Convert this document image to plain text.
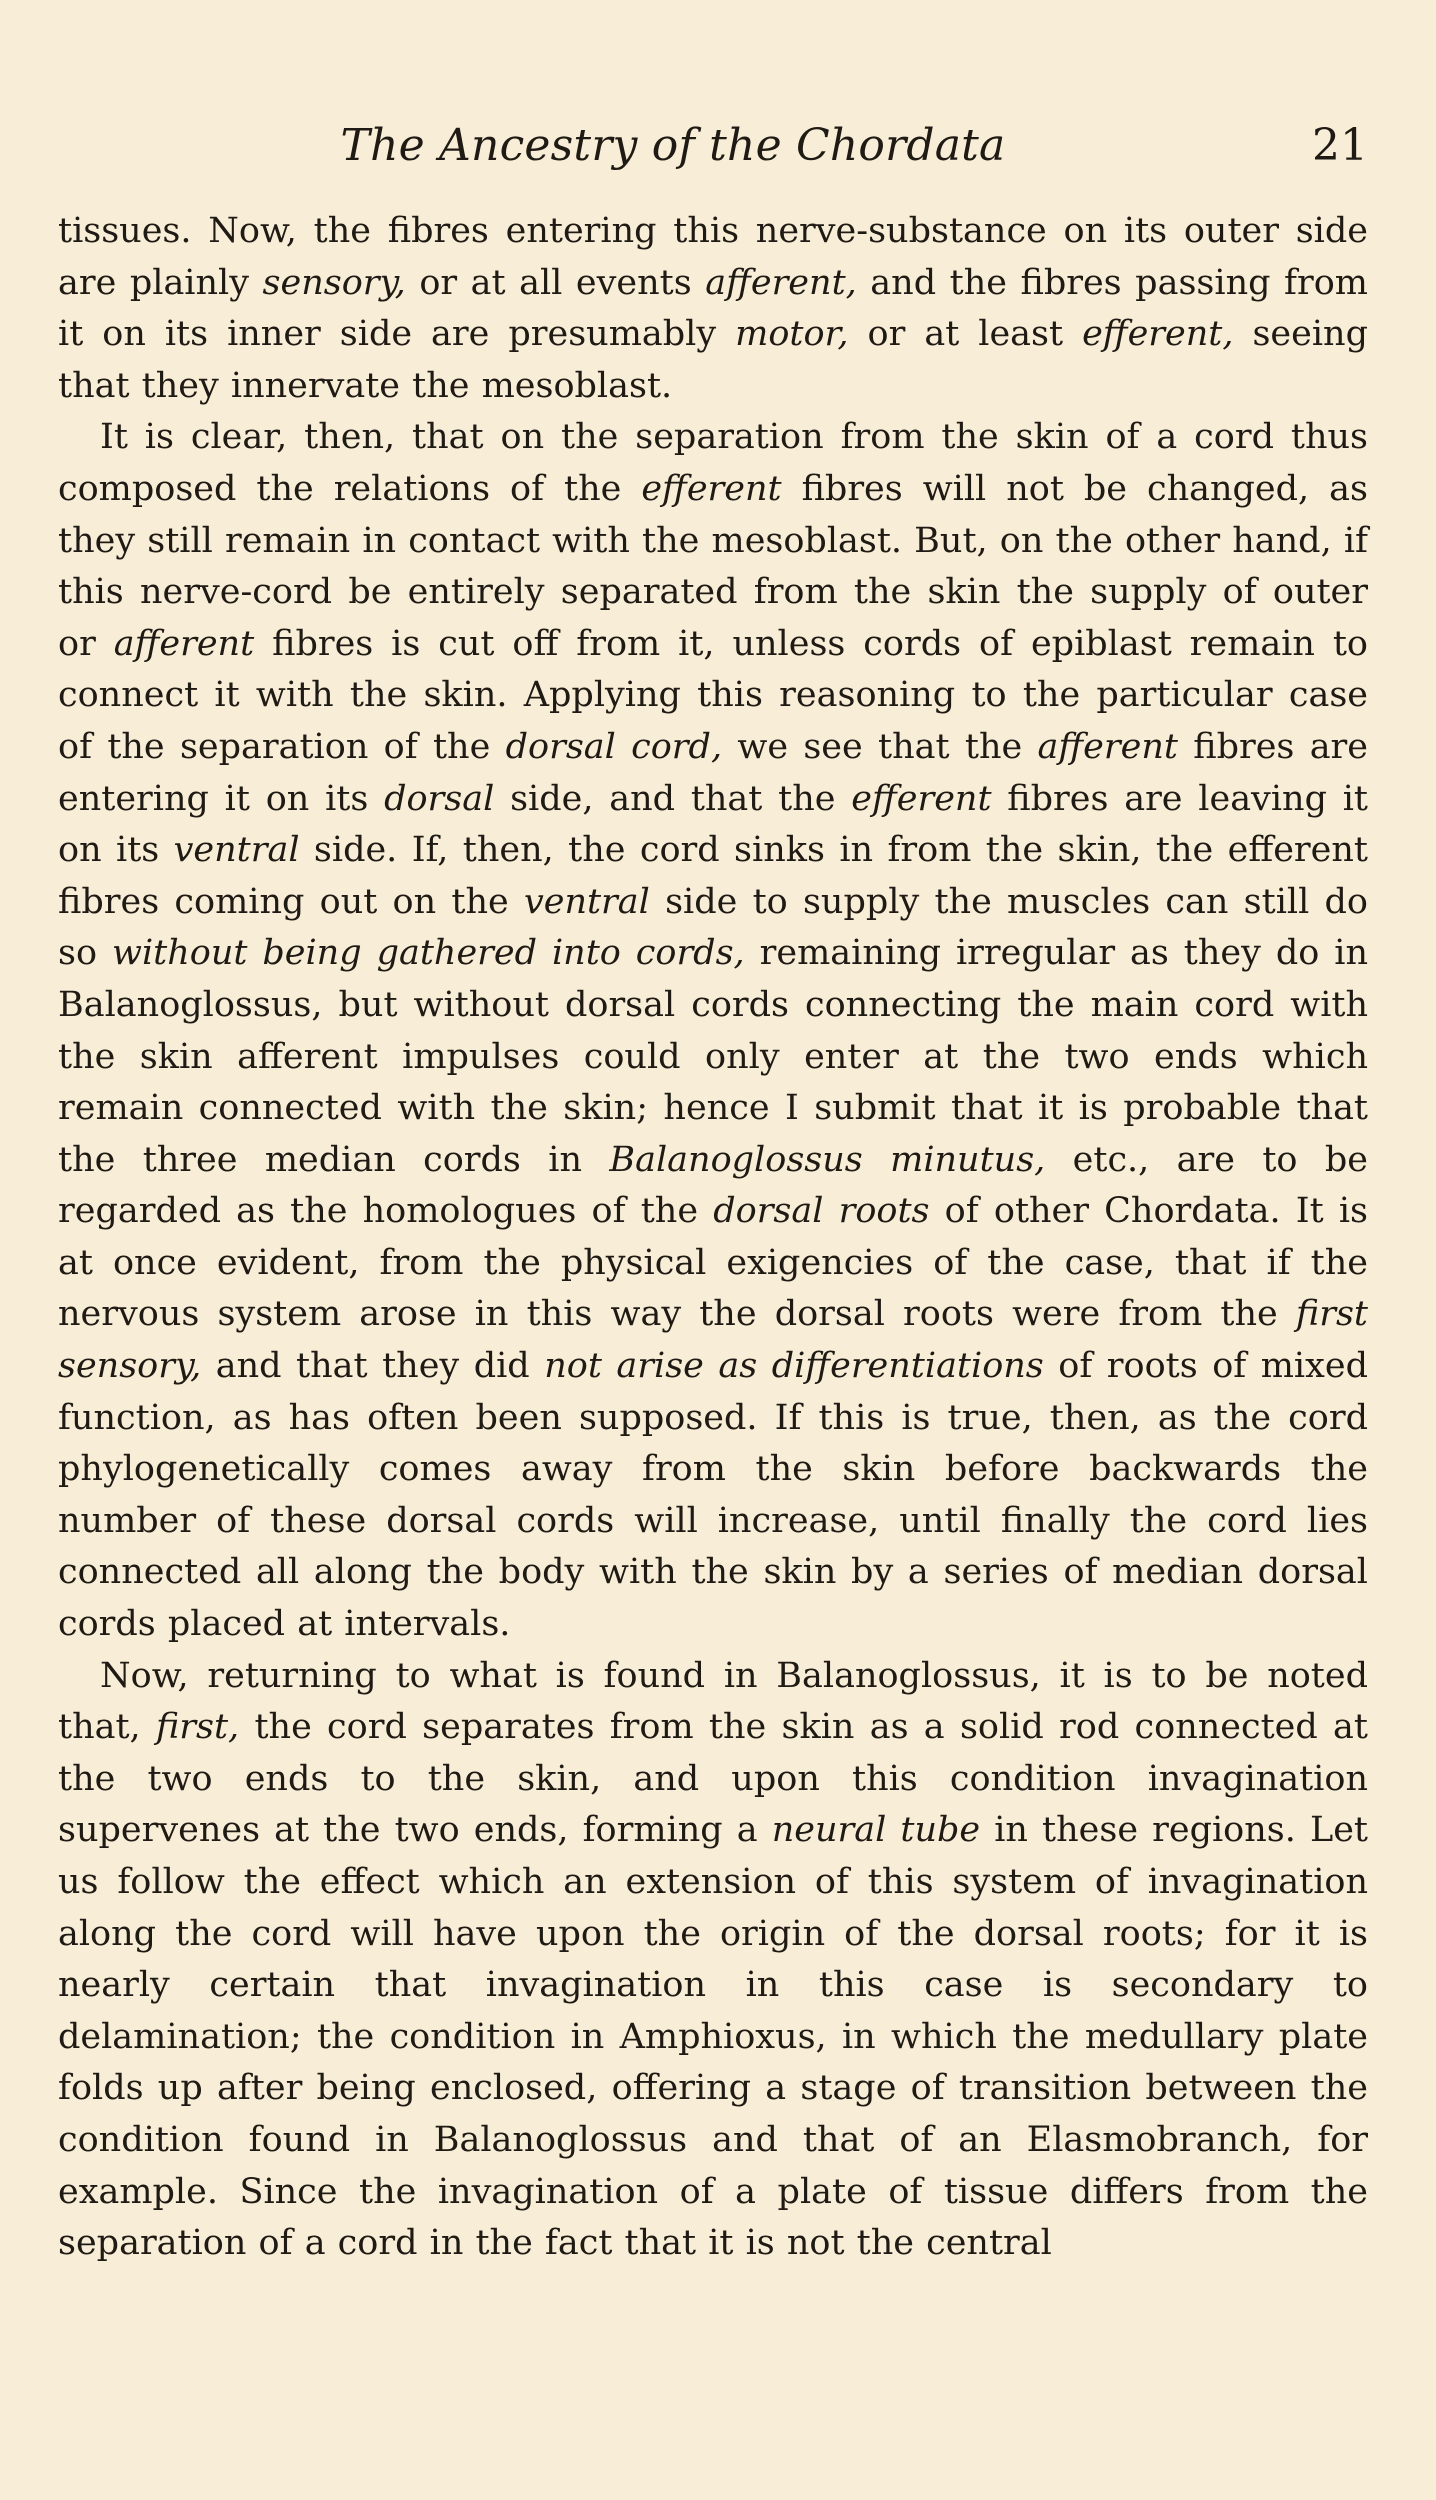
The Ancestry of the Chordata	21

tissues. Now, the fibres entering this nerve-substance on its outer side are plainly sensory, or at all events afferent, and the fibres passing from it on its inner side are presumably motor, or at least efferent, seeing that they innervate the mesoblast.

It is clear, then, that on the separation from the skin of a cord thus composed the relations of the efferent fibres will not be changed, as they still remain in contact with the mesoblast. But, on the other hand, if this nerve-cord be entirely separated from the skin the supply of outer or afferent fibres is cut off from it, unless cords of epiblast remain to connect it with the skin. Applying this reasoning to the particular case of the separation of the dorsal cord, we see that the afferent fibres are entering it on its dorsal side, and that the efferent fibres are leaving it on its ventral side. If, then, the cord sinks in from the skin, the efferent fibres coming out on the ventral side to supply the muscles can still do so without being gathered into cords, remaining irregular as they do in Balanoglossus, but without dorsal cords connecting the main cord with the skin afferent impulses could only enter at the two ends which remain connected with the skin; hence I submit that it is probable that the three median cords in Balanoglossus minutus, etc., are to be regarded as the homologues of the dorsal roots of other Chordata. It is at once evident, from the physical exigencies of the case, that if the nervous system arose in this way the dorsal roots were from the first sensory, and that they did not arise as differentiations of roots of mixed function, as has often been supposed. If this is true, then, as the cord phylogenetically comes away from the skin before backwards the number of these dorsal cords will increase, until finally the cord lies connected all along the body with the skin by a series of median dorsal cords placed at intervals.

Now, returning to what is found in Balanoglossus, it is to be noted that, first, the cord separates from the skin as a solid rod connected at the two ends to the skin, and upon this condition invagination supervenes at the two ends, forming a neural tube in these regions. Let us follow the effect which an extension of this system of invagination along the cord will have upon the origin of the dorsal roots; for it is nearly certain that invagination in this case is secondary to delamination; the condition in Amphioxus, in which the medullary plate folds up after being enclosed, offering a stage of transition between the condition found in Balanoglossus and that of an Elasmobranch, for example. Since the invagination of a plate of tissue differs from the separation of a cord in the fact that it is not the central
